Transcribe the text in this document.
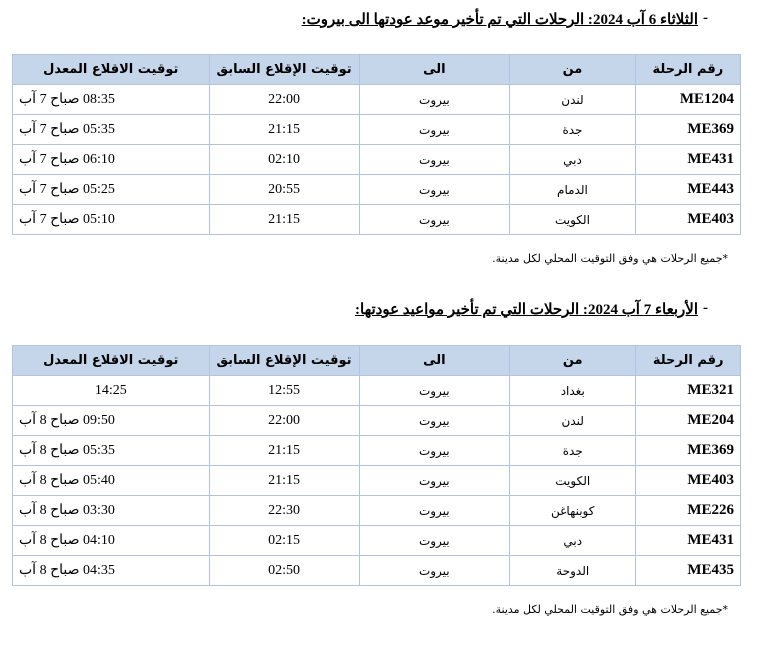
-
الثلاثاء 6 آب 2024: الرحلات التي تم تأخير موعد عودتها الى بيروت:
رقم الرحلة	من	الى	توقيت الإقلاع السابق	توقيت الاقلاع المعدل
ME1204	لندن	بيروت	22:00	08:35 صباح 7 آب
ME369	جدة	بيروت	21:15	05:35 صباح 7 آب
ME431	دبي	بيروت	02:10	06:10 صباح 7 آب
ME443	الدمام	بيروت	20:55	05:25 صباح 7 آب
ME403	الكويت	بيروت	21:15	05:10 صباح 7 آب
*جميع الرحلات هي وفق التوقيت المحلي لكل مدينة.
-
الأربعاء 7 آب 2024: الرحلات التي تم تأخير مواعيد عودتها:
رقم الرحلة	من	الى	توقيت الإقلاع السابق	توقيت الاقلاع المعدل
ME321	بغداد	بيروت	12:55	14:25
ME204	لندن	بيروت	22:00	09:50 صباح 8 آب
ME369	جدة	بيروت	21:15	05:35 صباح 8 آب
ME403	الكويت	بيروت	21:15	05:40 صباح 8 آب
ME226	كوبنهاغن	بيروت	22:30	03:30 صباح 8 آب
ME431	دبي	بيروت	02:15	04:10 صباح 8 آب
ME435	الدوحة	بيروت	02:50	04:35 صباح 8 آب
*جميع الرحلات هي وفق التوقيت المحلي لكل مدينة.
